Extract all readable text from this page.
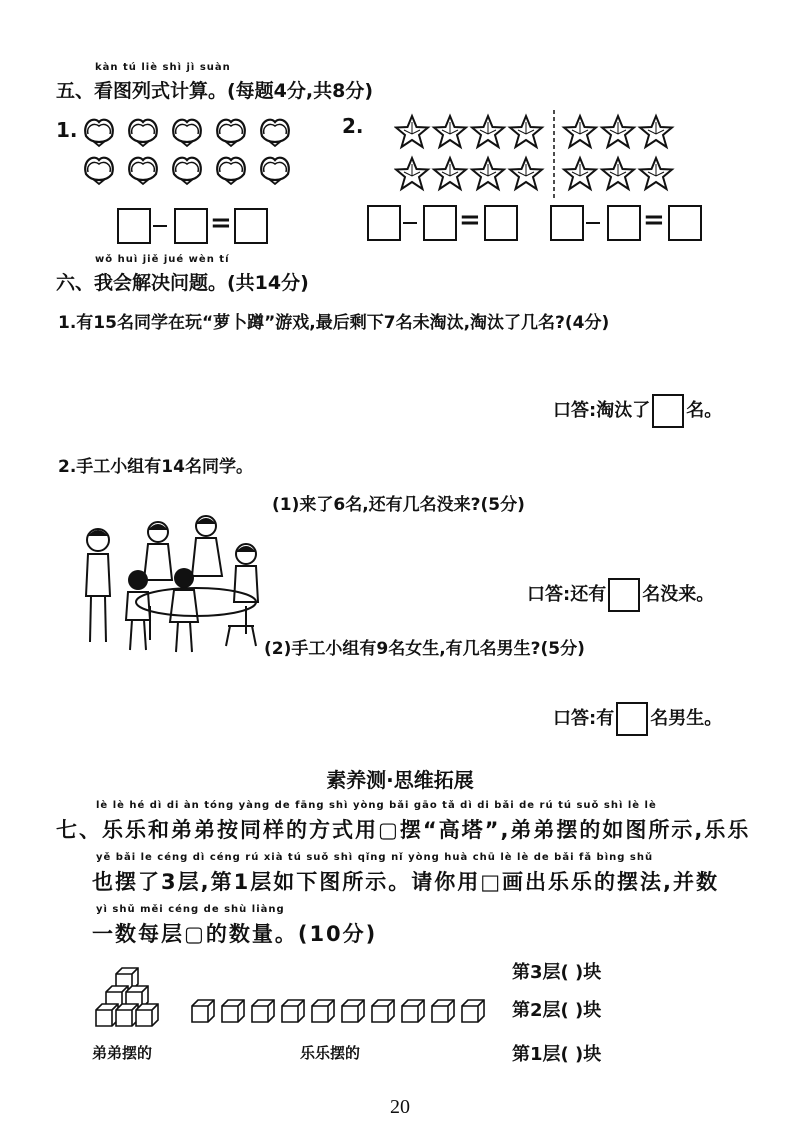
kàn tú liè shì jì suàn
五、看图列式计算。(每题4分,共8分)
1.
=
2.
=	=
wǒ huì jiě jué wèn tí
六、我会解决问题。(共14分)
1.有15名同学在玩“萝卜蹲”游戏,最后剩下7名未淘汰,淘汰了几名?(4分)
口答:淘汰了 名。
2.手工小组有14名同学。
(1)来了6名,还有几名没来?(5分)
口答:还有 名没来。
(2)手工小组有9名女生,有几名男生?(5分)
口答:有 名男生。
素养测·思维拓展
lè lè hé dì di àn tóng yàng de fāng shì yòng bǎi gāo tǎ dì di bǎi de rú tú suǒ shì lè lè
七、乐乐和弟弟按同样的方式用▢摆“高塔”,弟弟摆的如图所示,乐乐
yě bǎi le céng dì céng rú xià tú suǒ shì qǐng nǐ yòng huà chū lè lè de bǎi fǎ bìng shǔ
也摆了3层,第1层如下图所示。请你用□画出乐乐的摆法,并数
yì shǔ měi céng de shù liàng
一数每层▢的数量。(10分)
第3层( )块
第2层( )块
第1层( )块
弟弟摆的	乐乐摆的
20
